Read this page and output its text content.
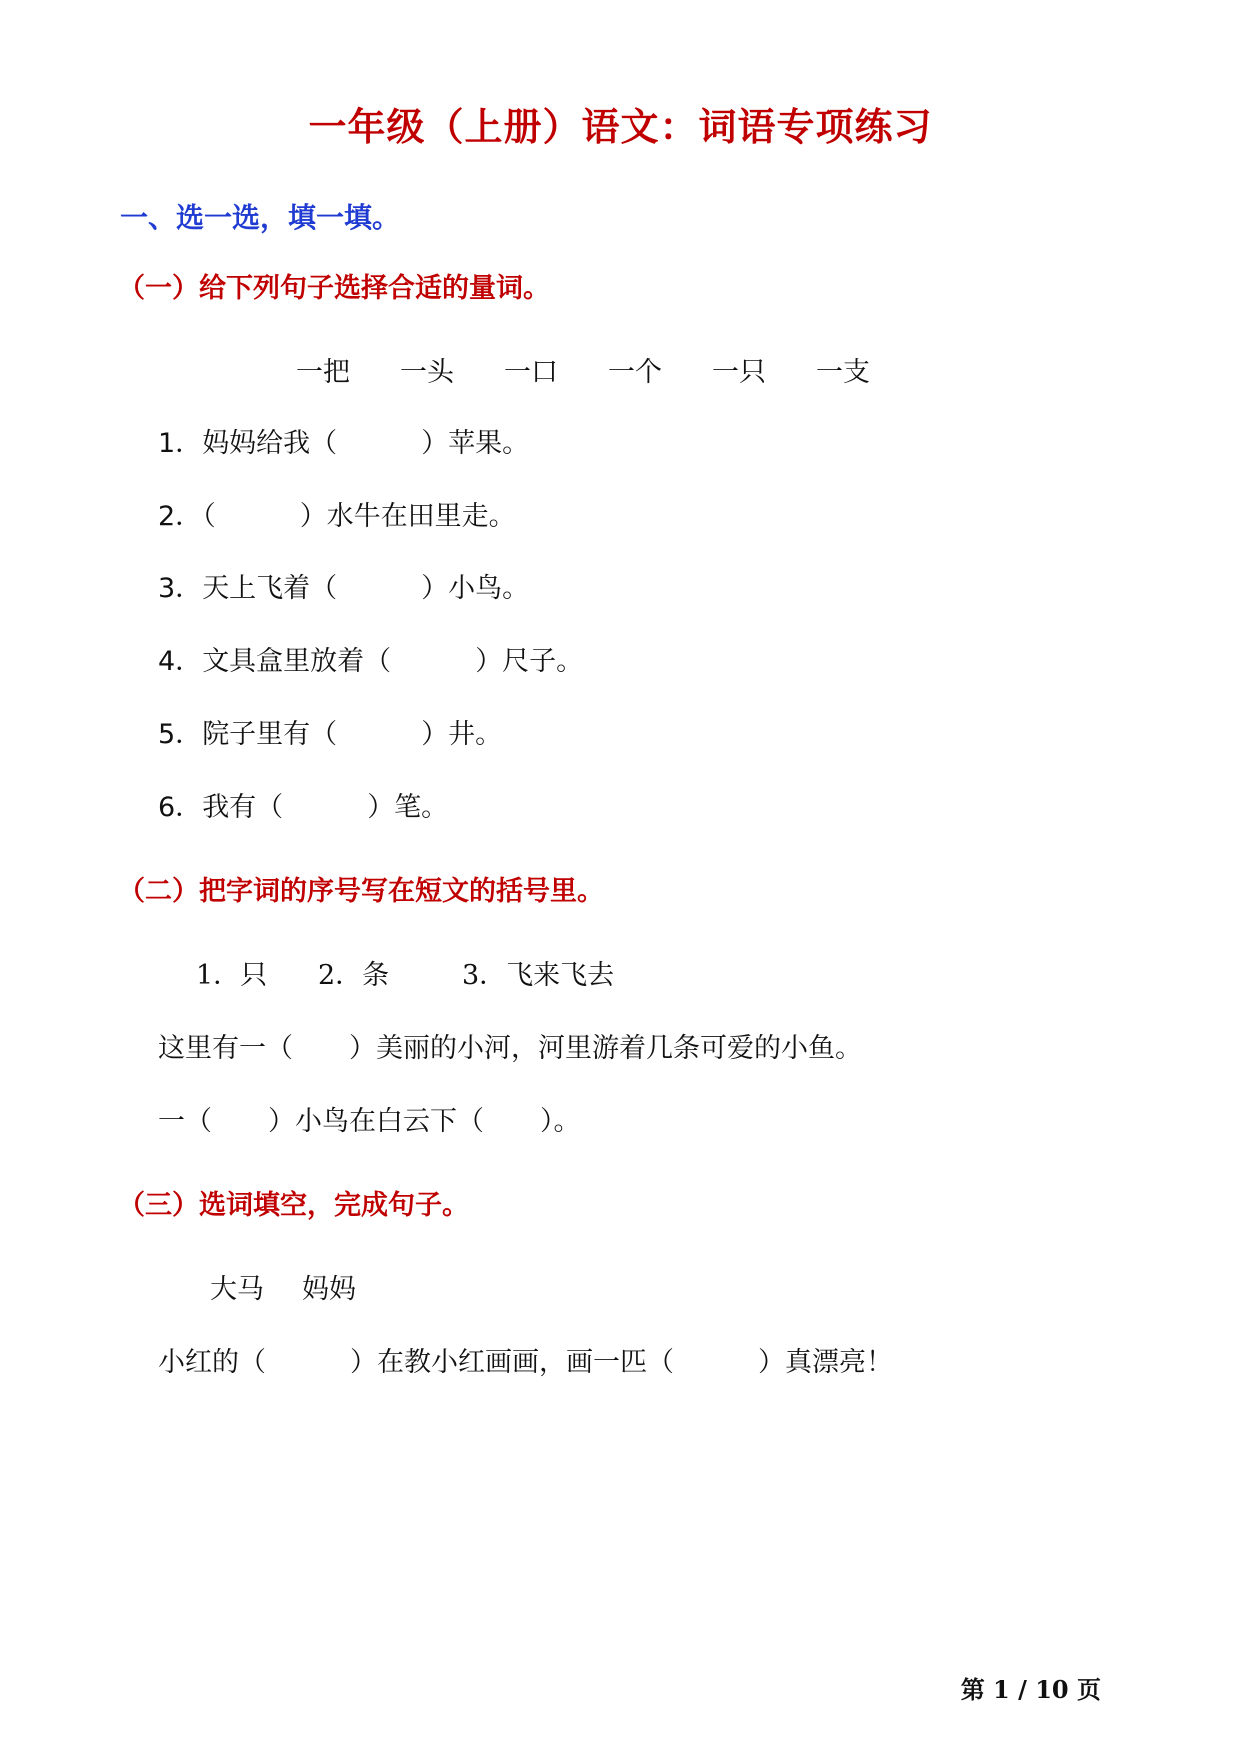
一年级（上册）语文：词语专项练习
一、选一选，填一填。
（一）给下列句子选择合适的量词。
一把 一头 一口 一个 一只 一支
1．妈妈给我（	）苹果。
2．（	）水牛在田里走。
3．天上飞着（	）小鸟。
4．文具盒里放着（	）尺子。
5．院子里有（	）井。
6．我有（	）笔。
（二）把字词的序号写在短文的括号里。
1．只 2．条	3．飞来飞去
这里有一（ ）美丽的小河，河里游着几条可爱的小鱼。
一（ ）小鸟在白云下（ ）。
（三）选词填空，完成句子。
大马 妈妈
小红的（	）在教小红画画，画一匹（	）真漂亮！
第 1 / 10 页
